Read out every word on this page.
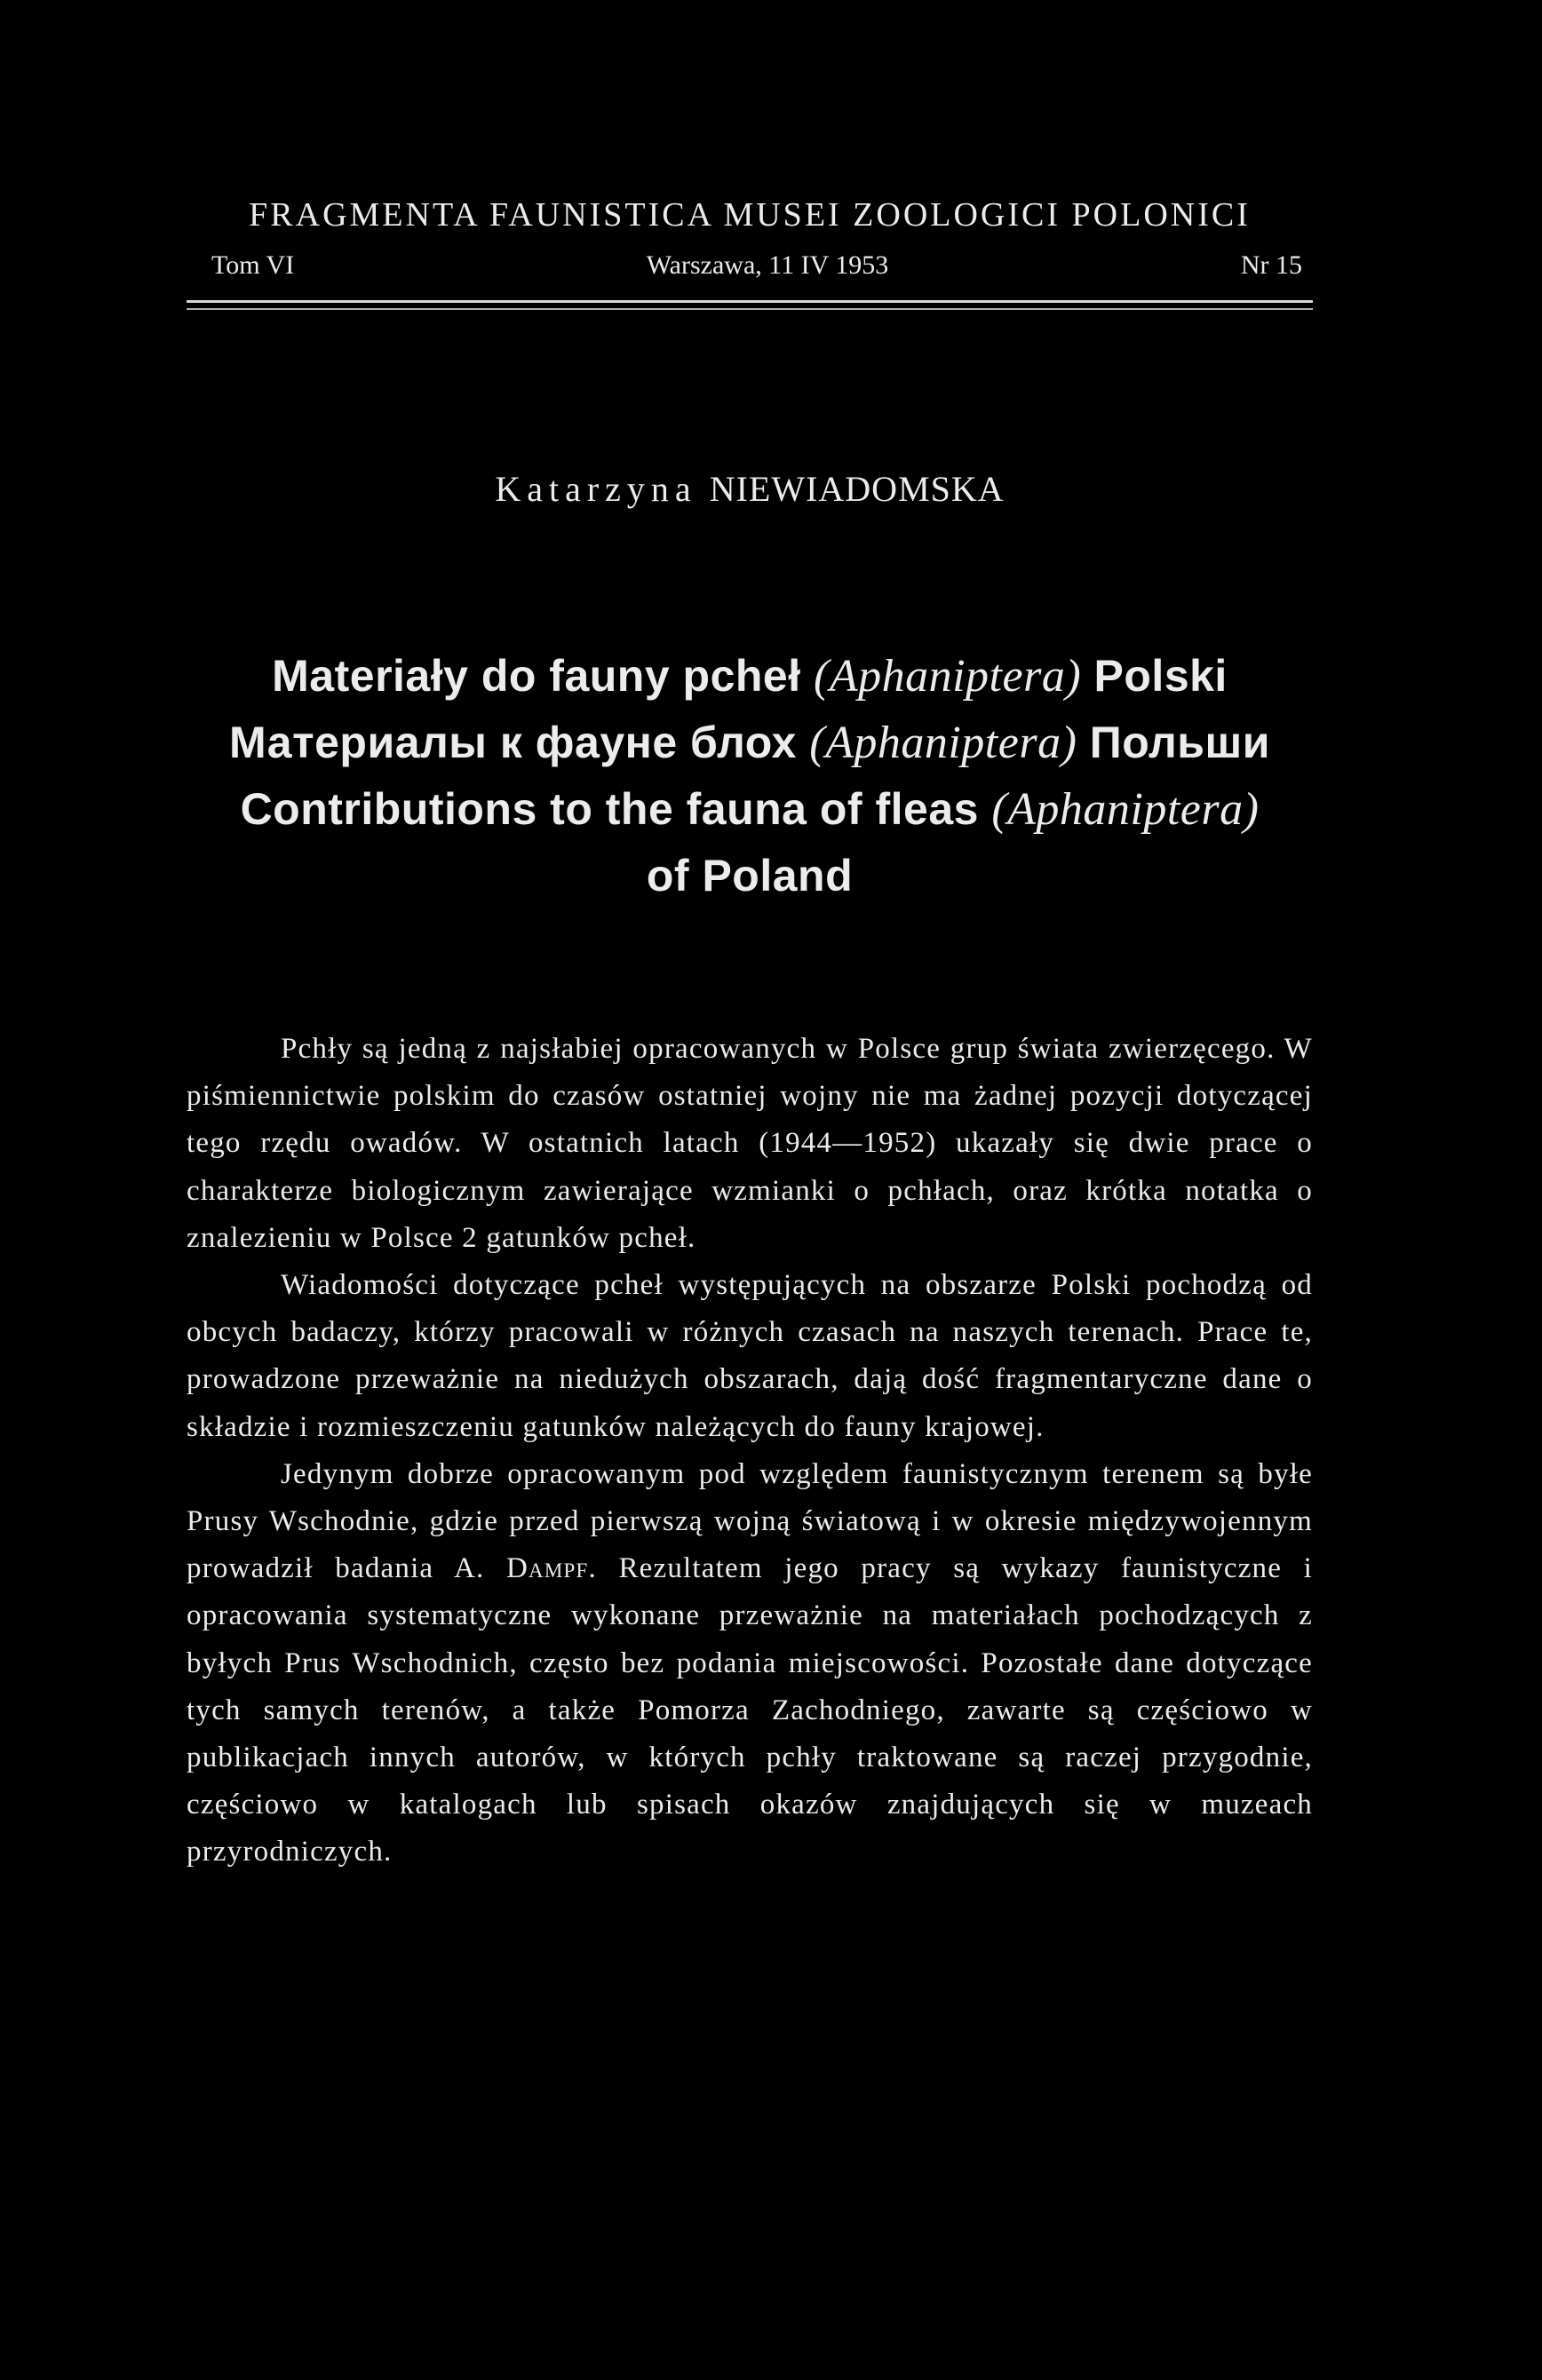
FRAGMENTA FAUNISTICA MUSEI ZOOLOGICI POLONICI
Tom VI	Warszawa, 11 IV 1953	Nr 15
Katarzyna NIEWIADOMSKA
Materiały do fauny pcheł (Aphaniptera) Polski
Материалы к фауне блох (Aphaniptera) Польши
Contributions to the fauna of fleas (Aphaniptera)
of Poland

Pchły są jedną z najsłabiej opracowanych w Polsce grup świata zwierzęcego. W piśmiennictwie polskim do czasów ostatniej wojny nie ma żadnej pozycji dotyczącej tego rzędu owadów. W ostatnich latach (1944—1952) ukazały się dwie prace o charakterze biologicznym zawierające wzmianki o pchłach, oraz krótka notatka o znalezieniu w Polsce 2 gatunków pcheł.

Wiadomości dotyczące pcheł występujących na obszarze Polski pochodzą od obcych badaczy, którzy pracowali w różnych czasach na naszych terenach. Prace te, prowadzone przeważnie na niedużych obszarach, dają dość fragmentaryczne dane o składzie i rozmieszczeniu gatunków należących do fauny krajowej.

Jedynym dobrze opracowanym pod względem faunistycznym terenem są byłe Prusy Wschodnie, gdzie przed pierwszą wojną światową i w okresie międzywojennym prowadził badania A. Dampf. Rezultatem jego pracy są wykazy faunistyczne i opracowania systematyczne wykonane przeważnie na materiałach pochodzących z byłych Prus Wschodnich, często bez podania miejscowości. Pozostałe dane dotyczące tych samych terenów, a także Pomorza Zachodniego, zawarte są częściowo w publikacjach innych autorów, w których pchły traktowane są raczej przygodnie, częściowo w katalogach lub spisach okazów znajdujących się w muzeach przyrodniczych.
